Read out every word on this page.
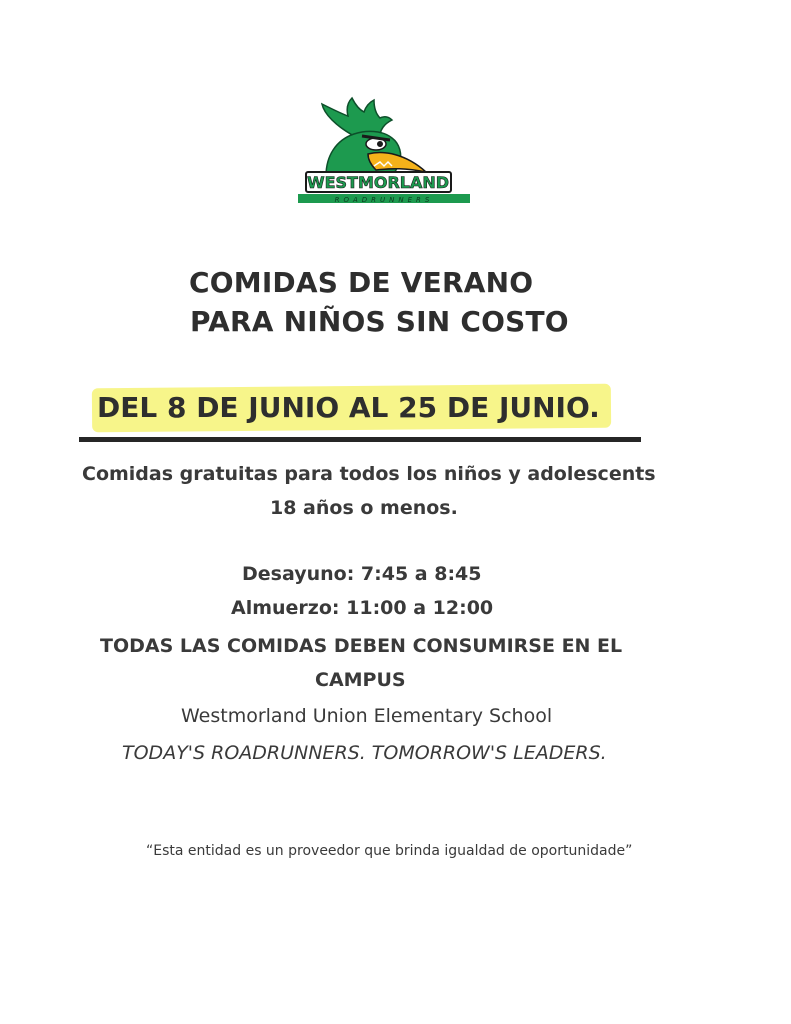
WESTMORLAND
ROADRUNNERS
COMIDAS DE VERANO
PARA NIÑOS SIN COSTO

DEL 8 DE JUNIO AL 25 DE JUNIO.

Comidas gratuitas para todos los niños y adolescents

18 años o menos.

Desayuno: 7:45 a 8:45

Almuerzo: 11:00 a 12:00

TODAS LAS COMIDAS DEBEN CONSUMIRSE EN EL

CAMPUS

Westmorland Union Elementary School

TODAY'S ROADRUNNERS. TOMORROW'S LEADERS.

“Esta entidad es un proveedor que brinda igualdad de oportunidade”
